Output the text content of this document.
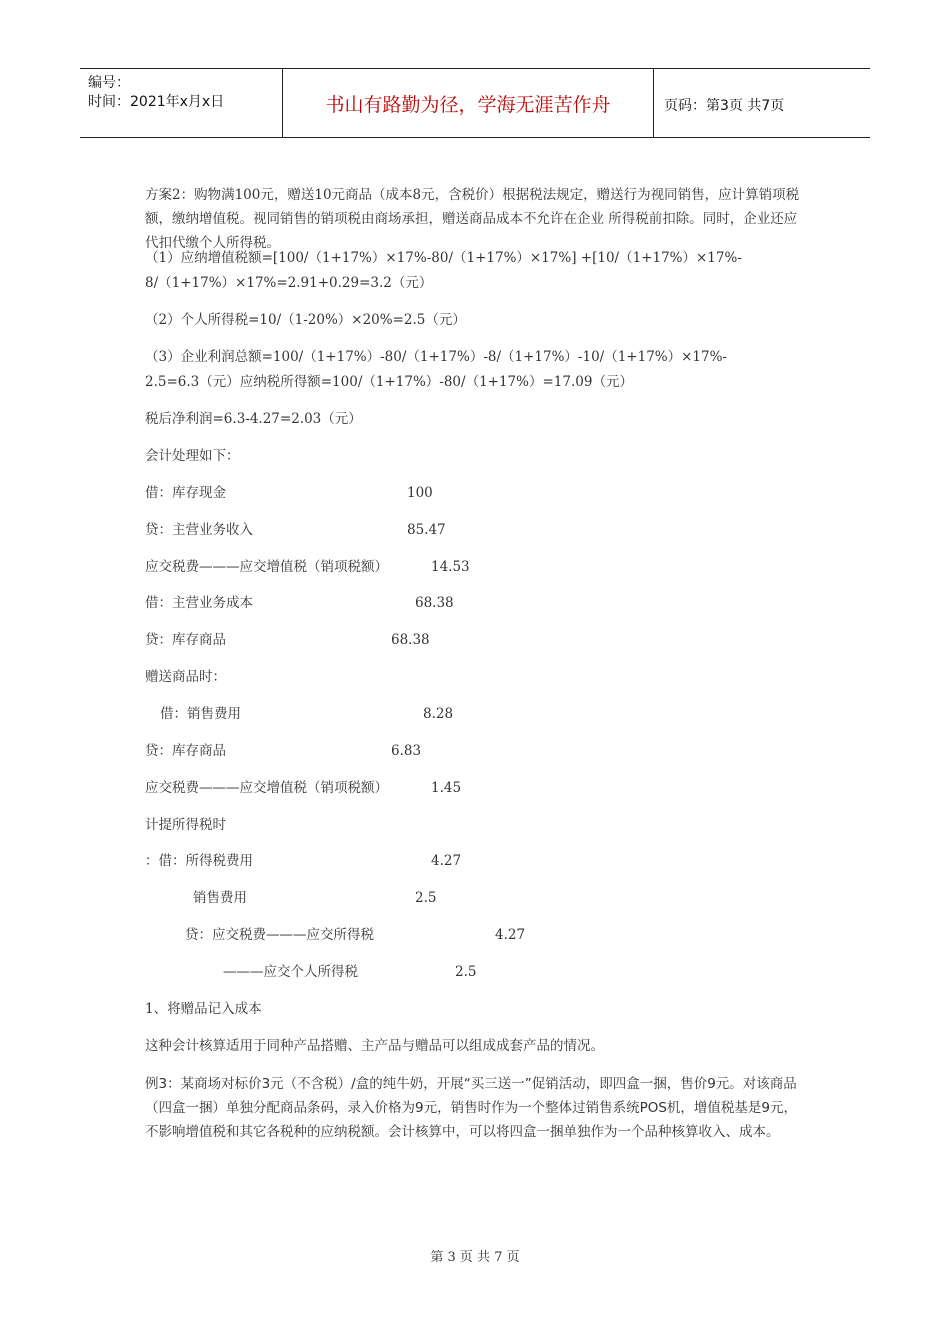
编号：
时间：2021年x月x日	书山有路勤为径，学海无涯苦作舟	页码：第3页 共7页
方案2：购物满100元，赠送10元商品（成本8元，含税价）根据税法规定，赠送行为视同销售，应计算销项税额，缴纳增值税。视同销售的销项税由商场承担，赠送商品成本不允许在企业 所得税前扣除。同时，企业还应代扣代缴个人所得税。
（1）应纳增值税额=[100/（1+17%）×17%-80/（1+17%）×17%] +[10/（1+17%）×17%-
8/（1+17%）×17%=2.91+0.29=3.2（元）
（2）个人所得税=10/（1-20%）×20%=2.5（元）
（3）企业利润总额=100/（1+17%）-80/（1+17%）-8/（1+17%）-10/（1+17%）×17%-
2.5=6.3（元）应纳税所得额=100/（1+17%）-80/（1+17%）=17.09（元）
税后净利润=6.3-4.27=2.03（元）
会计处理如下：
借：库存现金	100
贷：主营业务收入	85.47
应交税费———应交增值税（销项税额）	14.53
借：主营业务成本	68.38
贷：库存商品	68.38
赠送商品时：
借：销售费用	8.28
贷：库存商品	6.83
应交税费———应交增值税（销项税额）	1.45
计提所得税时
：借：所得税费用	4.27
销售费用	2.5
贷：应交税费———应交所得税	4.27
———应交个人所得税	2.5
1、将赠品记入成本
这种会计核算适用于同种产品搭赠、主产品与赠品可以组成成套产品的情况。
例3：某商场对标价3元（不含税）/盒的纯牛奶，开展“买三送一”促销活动，即四盒一捆，售价9元。对该商品（四盒一捆）单独分配商品条码，录入价格为9元，销售时作为一个整体过销售系统POS机，增值税基是9元，不影响增值税和其它各税种的应纳税额。会计核算中，可以将四盒一捆单独作为一个品种核算收入、成本。
第 3 页 共 7 页
